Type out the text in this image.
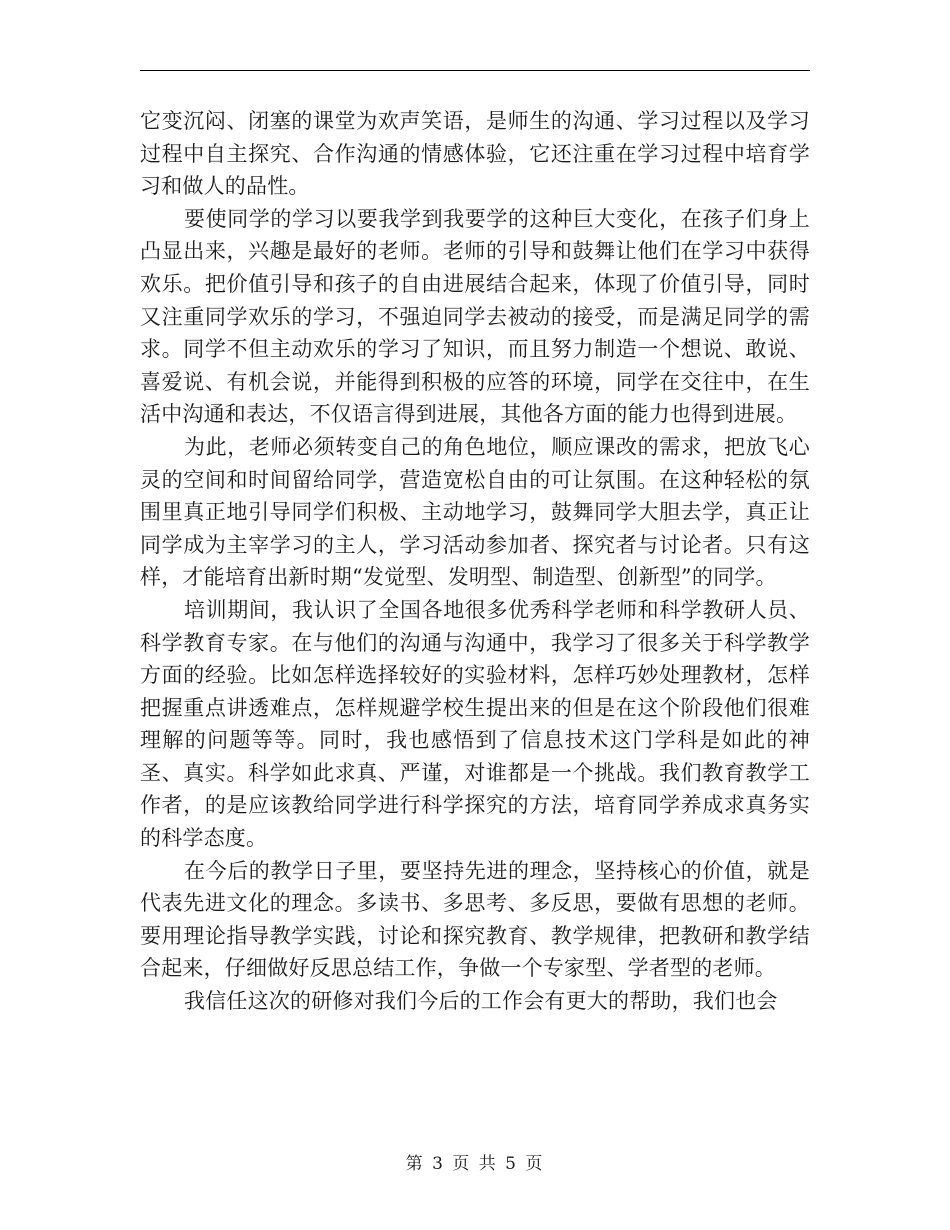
它变沉闷、闭塞的课堂为欢声笑语，是师生的沟通、学习过程以及学习过程中自主探究、合作沟通的情感体验，它还注重在学习过程中培育学习和做人的品性。

要使同学的学习以要我学到我要学的这种巨大变化，在孩子们身上凸显出来，兴趣是最好的老师。老师的引导和鼓舞让他们在学习中获得欢乐。把价值引导和孩子的自由进展结合起来，体现了价值引导，同时又注重同学欢乐的学习，不强迫同学去被动的接受，而是满足同学的需求。同学不但主动欢乐的学习了知识，而且努力制造一个想说、敢说、喜爱说、有机会说，并能得到积极的应答的环境，同学在交往中，在生活中沟通和表达，不仅语言得到进展，其他各方面的能力也得到进展。

为此，老师必须转变自己的角色地位，顺应课改的需求，把放飞心灵的空间和时间留给同学，营造宽松自由的可让氛围。在这种轻松的氛围里真正地引导同学们积极、主动地学习，鼓舞同学大胆去学，真正让同学成为主宰学习的主人，学习活动参加者、探究者与讨论者。只有这样，才能培育出新时期“发觉型、发明型、制造型、创新型”的同学。

培训期间，我认识了全国各地很多优秀科学老师和科学教研人员、科学教育专家。在与他们的沟通与沟通中，我学习了很多关于科学教学方面的经验。比如怎样选择较好的实验材料，怎样巧妙处理教材，怎样把握重点讲透难点，怎样规避学校生提出来的但是在这个阶段他们很难理解的问题等等。同时，我也感悟到了信息技术这门学科是如此的神圣、真实。科学如此求真、严谨，对谁都是一个挑战。我们教育教学工作者，的是应该教给同学进行科学探究的方法，培育同学养成求真务实的科学态度。

在今后的教学日子里，要坚持先进的理念，坚持核心的价值，就是代表先进文化的理念。多读书、多思考、多反思，要做有思想的老师。要用理论指导教学实践，讨论和探究教育、教学规律，把教研和教学结合起来，仔细做好反思总结工作，争做一个专家型、学者型的老师。

我信任这次的研修对我们今后的工作会有更大的帮助，我们也会

第 3 页 共 5 页
